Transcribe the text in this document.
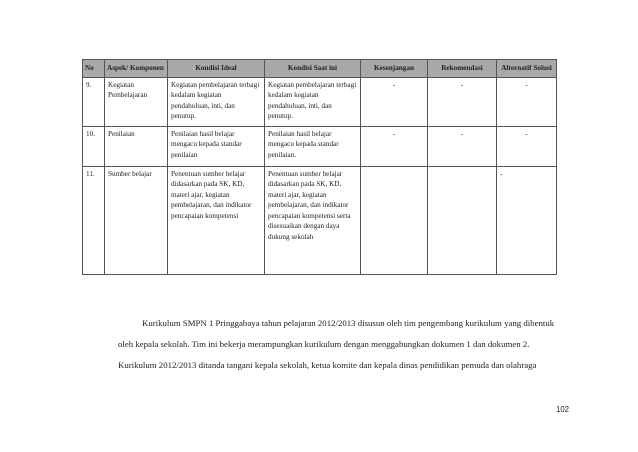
No	Aspek/ Komponen	Kondisi Ideal	Kondisi Saat ini	Kesenjangan	Rekomendasi	Alternatif Solusi
9.	Kegiatan Pembelajaran	Kegiatan pembelajaran terbagi kedalam kegiatan pendahuluan, inti, dan penutup.	Kegiatan pembelajaran terbagi kedalam kegiatan pendahuluan, inti, dan penutup.	-	-	-
10.	Penilaian	Penilaian hasil belajar mengacu kepada standar penilaian	Penilaian hasil belajar mengacu kepada standar penilaian.	-	-	-
11.	Sumber belajar	Penentuan sumber belajar didasarkan pada SK, KD, materi ajar, kegiatan pembelajaran, dan indikator pencapaian kompetensi	Penentuan sumber belajar didasarkan pada SK, KD, materi ajar, kegiatan pembelajaran, dan indikator pencapaian kompetensi serta disesuaikan dengan daya dukung sekolah			-
Kurikulum SMPN 1 Pringgabaya tahun pelajaran 2012/2013 disusun oleh tim pengembang kurikulum yang dibentuk
oleh kepala sekolah. Tim ini bekerja merampungkan kurikulum dengan menggabungkan dokumen 1 dan dokumen 2.
Kurikulum 2012/2013 ditanda tangani kepala sekolah, ketua komite dan kepala dinas pendidikan pemuda dan olahraga
102
